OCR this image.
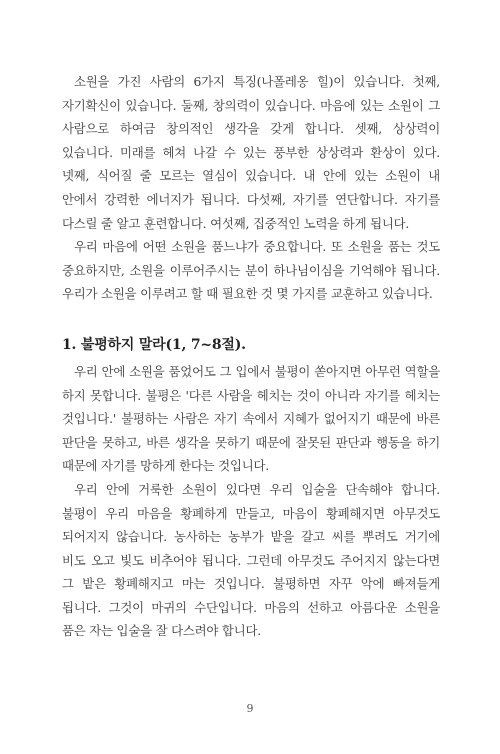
소원을 가진 사람의 6가지 특징(나폴레옹 힐)이 있습니다. 첫째, 자기확신이 있습니다. 둘째, 창의력이 있습니다. 마음에 있는 소원이 그 사람으로 하여금 창의적인 생각을 갖게 합니다. 셋째, 상상력이 있습니다. 미래를 헤쳐 나갈 수 있는 풍부한 상상력과 환상이 있다. 넷째, 식어질 줄 모르는 열심이 있습니다. 내 안에 있는 소원이 내 안에서 강력한 에너지가 됩니다. 다섯째, 자기를 연단합니다. 자기를 다스릴 줄 알고 훈련합니다. 여섯째, 집중적인 노력을 하게 됩니다.

우리 마음에 어떤 소원을 품느냐가 중요합니다. 또 소원을 품는 것도 중요하지만, 소원을 이루어주시는 분이 하나님이심을 기억해야 됩니다. 우리가 소원을 이루려고 할 때 필요한 것 몇 가지를 교훈하고 있습니다.

1. 불평하지 말라(1, 7~8절).

우리 안에 소원을 품었어도 그 입에서 불평이 쏟아지면 아무런 역할을 하지 못합니다. 불평은 '다른 사람을 헤치는 것이 아니라 자기를 헤치는 것입니다.' 불평하는 사람은 자기 속에서 지혜가 없어지기 때문에 바른 판단을 못하고, 바른 생각을 못하기 때문에 잘못된 판단과 행동을 하기 때문에 자기를 망하게 한다는 것입니다.

우리 안에 거룩한 소원이 있다면 우리 입술을 단속해야 합니다. 불평이 우리 마음을 황폐하게 만들고, 마음이 황폐해지면 아무것도 되어지지 않습니다. 농사하는 농부가 밭을 갈고 씨를 뿌려도 거기에 비도 오고 빛도 비추어야 됩니다. 그런데 아무것도 주어지지 않는다면 그 밭은 황폐해지고 마는 것입니다. 불평하면 자꾸 악에 빠져들게 됩니다. 그것이 마귀의 수단입니다. 마음의 선하고 아름다운 소원을 품은 자는 입술을 잘 다스려야 합니다.

9
